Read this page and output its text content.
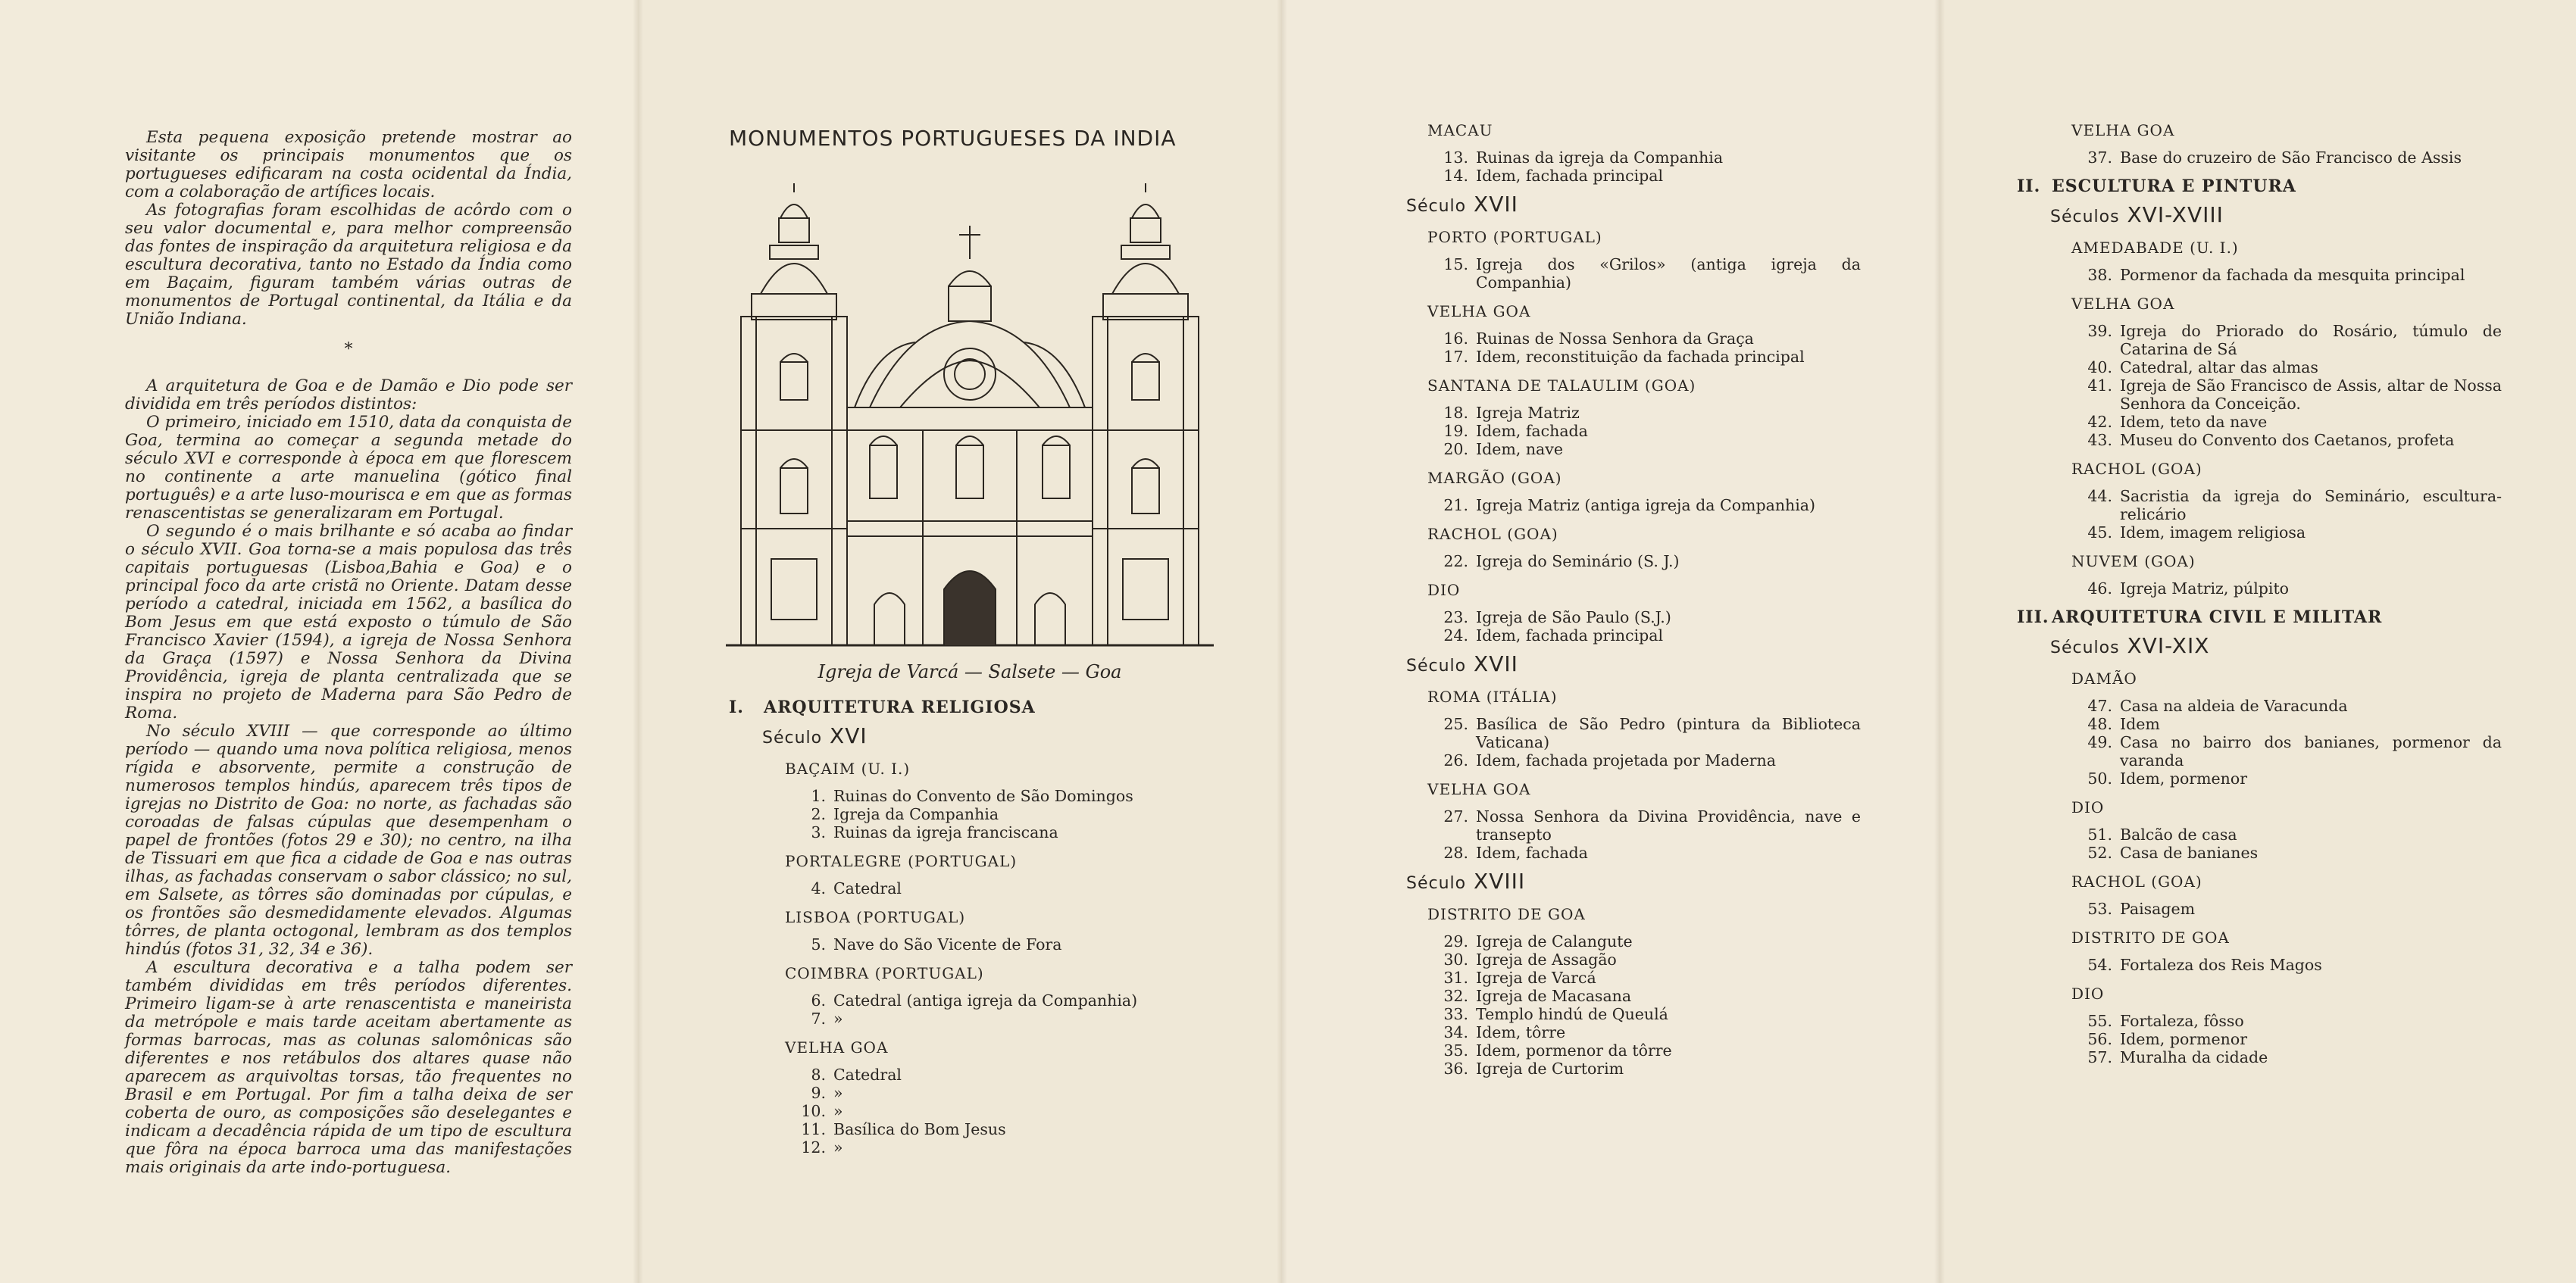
Esta pequena exposição pretende mostrar ao visitante os principais monumentos que os portugueses edificaram na costa ocidental da Índia, com a colaboração de artífices locais.

As fotografias foram escolhidas de acôrdo com o seu valor documental e, para melhor compreensão das fontes de inspiração da arquitetura religiosa e da escultura decorativa, tanto no Estado da Índia como em Baçaim, figuram também várias outras de monumentos de Portugal continental, da Itália e da União Indiana.

*

A arquitetura de Goa e de Damão e Dio pode ser dividida em três períodos distintos:

O primeiro, iniciado em 1510, data da conquista de Goa, termina ao começar a segunda metade do século XVI e corresponde à época em que florescem no continente a arte manuelina (gótico final português) e a arte luso-mourisca e em que as formas renascentistas se generalizaram em Portugal.

O segundo é o mais brilhante e só acaba ao findar o século XVII. Goa torna-se a mais populosa das três capitais portuguesas (Lisboa,Bahia e Goa) e o principal foco da arte cristã no Oriente. Datam desse período a catedral, iniciada em 1562, a basílica do Bom Jesus em que está exposto o túmulo de São Francisco Xavier (1594), a igreja de Nossa Senhora da Graça (1597) e Nossa Senhora da Divina Providência, igreja de planta centralizada que se inspira no projeto de Maderna para São Pedro de Roma.

No século XVIII — que corresponde ao último período — quando uma nova política religiosa, menos rígida e absorvente, permite a construção de numerosos templos hindús, aparecem três tipos de igrejas no Distrito de Goa: no norte, as fachadas são coroadas de falsas cúpulas que desempenham o papel de frontões (fotos 29 e 30); no centro, na ilha de Tissuari em que fica a cidade de Goa e nas outras ilhas, as fachadas conservam o sabor clássico; no sul, em Salsete, as tôrres são dominadas por cúpulas, e os frontões são desmedidamente elevados. Algumas tôrres, de planta octogonal, lembram as dos templos hindús (fotos 31, 32, 34 e 36).

A escultura decorativa e a talha podem ser também divididas em três períodos diferentes. Primeiro ligam-se à arte renascentista e maneirista da metrópole e mais tarde aceitam abertamente as formas barrocas, mas as colunas salomônicas são diferentes e nos retábulos dos altares quase não aparecem as arquivoltas torsas, tão frequentes no Brasil e em Portugal. Por fim a talha deixa de ser coberta de ouro, as composições são deselegantes e indicam a decadência rápida de um tipo de escultura que fôra na época barroca uma das manifestações mais originais da arte indo-portuguesa.

MONUMENTOS PORTUGUESES DA INDIA
Igreja de Varcá — Salsete — Goa
I. ARQUITETURA RELIGIOSA
Século XVI
BAÇAIM (U. I.)
1. Ruinas do Convento de São Domingos
2. Igreja da Companhia
3. Ruinas da igreja franciscana
PORTALEGRE (PORTUGAL)
4. Catedral
LISBOA (PORTUGAL)
5. Nave do São Vicente de Fora
COIMBRA (PORTUGAL)
6. Catedral (antiga igreja da Companhia)
7. »
VELHA GOA
8. Catedral
9. »
10. »
11. Basílica do Bom Jesus
12. »
MACAU
13. Ruinas da igreja da Companhia
14. Idem, fachada principal
Século XVII
PORTO (PORTUGAL)
15. Igreja dos «Grilos» (antiga igreja da Companhia)
VELHA GOA
16. Ruinas de Nossa Senhora da Graça
17. Idem, reconstituição da fachada principal
SANTANA DE TALAULIM (GOA)
18. Igreja Matriz
19. Idem, fachada
20. Idem, nave
MARGÃO (GOA)
21. Igreja Matriz (antiga igreja da Companhia)
RACHOL (GOA)
22. Igreja do Seminário (S. J.)
DIO
23. Igreja de São Paulo (S.J.)
24. Idem, fachada principal
Século XVII
ROMA (ITÁLIA)
25. Basílica de São Pedro (pintura da Biblioteca Vaticana)
26. Idem, fachada projetada por Maderna
VELHA GOA
27. Nossa Senhora da Divina Providência, nave e transepto
28. Idem, fachada
Século XVIII
DISTRITO DE GOA
29. Igreja de Calangute
30. Igreja de Assagão
31. Igreja de Varcá
32. Igreja de Macasana
33. Templo hindú de Queulá
34. Idem, tôrre
35. Idem, pormenor da tôrre
36. Igreja de Curtorim
VELHA GOA
37. Base do cruzeiro de São Francisco de Assis
II. ESCULTURA E PINTURA
Séculos XVI-XVIII
AMEDABADE (U. I.)
38. Pormenor da fachada da mesquita principal
VELHA GOA
39. Igreja do Priorado do Rosário, túmulo de Catarina de Sá
40. Catedral, altar das almas
41. Igreja de São Francisco de Assis, altar de Nossa Senhora da Conceição.
42. Idem, teto da nave
43. Museu do Convento dos Caetanos, profeta
RACHOL (GOA)
44. Sacristia da igreja do Seminário, escultura-relicário
45. Idem, imagem religiosa
NUVEM (GOA)
46. Igreja Matriz, púlpito
III. ARQUITETURA CIVIL E MILITAR
Séculos XVI-XIX
DAMÃO
47. Casa na aldeia de Varacunda
48. Idem
49. Casa no bairro dos banianes, pormenor da varanda
50. Idem, pormenor
DIO
51. Balcão de casa
52. Casa de banianes
RACHOL (GOA)
53. Paisagem
DISTRITO DE GOA
54. Fortaleza dos Reis Magos
DIO
55. Fortaleza, fôsso
56. Idem, pormenor
57. Muralha da cidade
